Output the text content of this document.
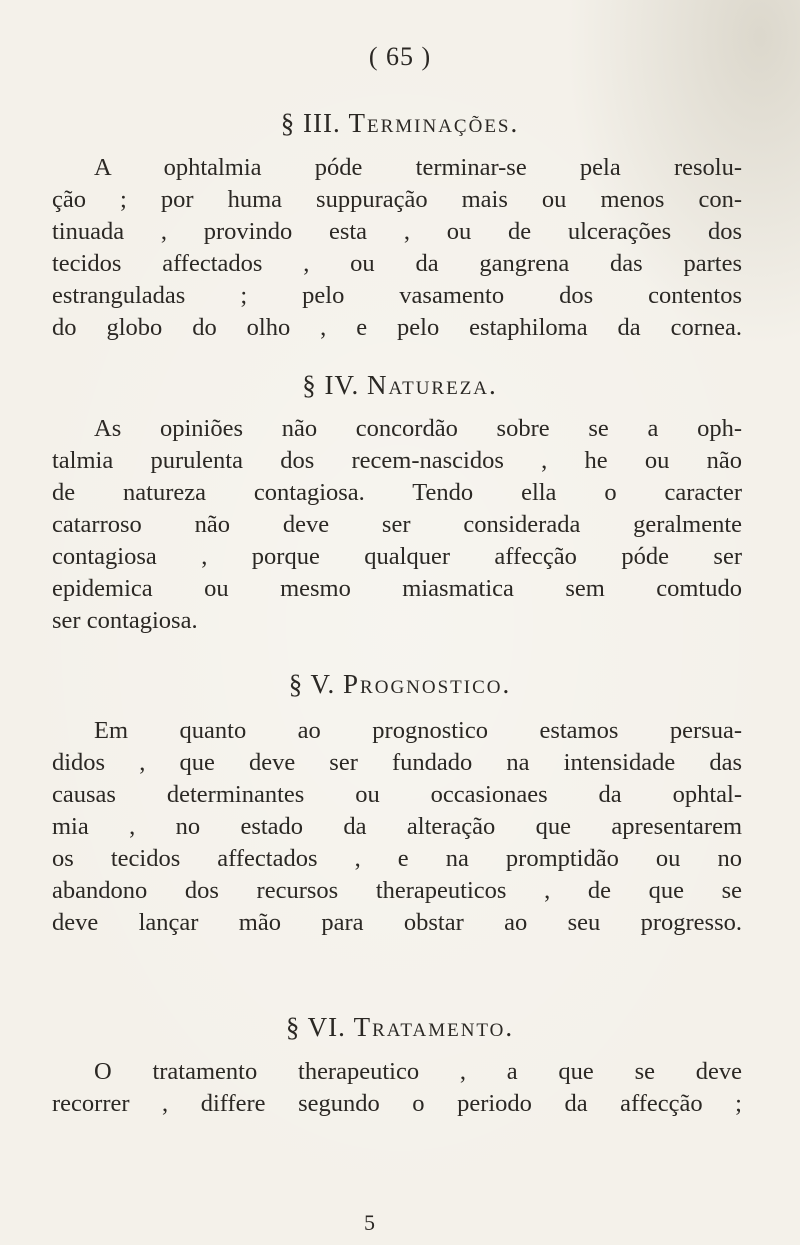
( 65 )
§ III. Terminações.
A ophtalmia póde terminar-se pela resolu-
ção ; por huma suppuração mais ou menos con-
tinuada , provindo esta , ou de ulcerações dos
tecidos affectados , ou da gangrena das partes
estranguladas ; pelo vasamento dos contentos
do globo do olho , e pelo estaphiloma da cornea.
§ IV. Natureza.
As opiniões não concordão sobre se a oph-
talmia purulenta dos recem-nascidos , he ou não
de natureza contagiosa. Tendo ella o caracter
catarroso não deve ser considerada geralmente
contagiosa , porque qualquer affecção póde ser
epidemica ou mesmo miasmatica sem comtudo
ser contagiosa.
§ V. Prognostico.
Em quanto ao prognostico estamos persua-
didos , que deve ser fundado na intensidade das
causas determinantes ou occasionaes da ophtal-
mia , no estado da alteração que apresentarem
os tecidos affectados , e na promptidão ou no
abandono dos recursos therapeuticos , de que se
deve lançar mão para obstar ao seu progresso.
§ VI. Tratamento.
O tratamento therapeutico , a que se deve
recorrer , differe segundo o periodo da affecção ;
5
